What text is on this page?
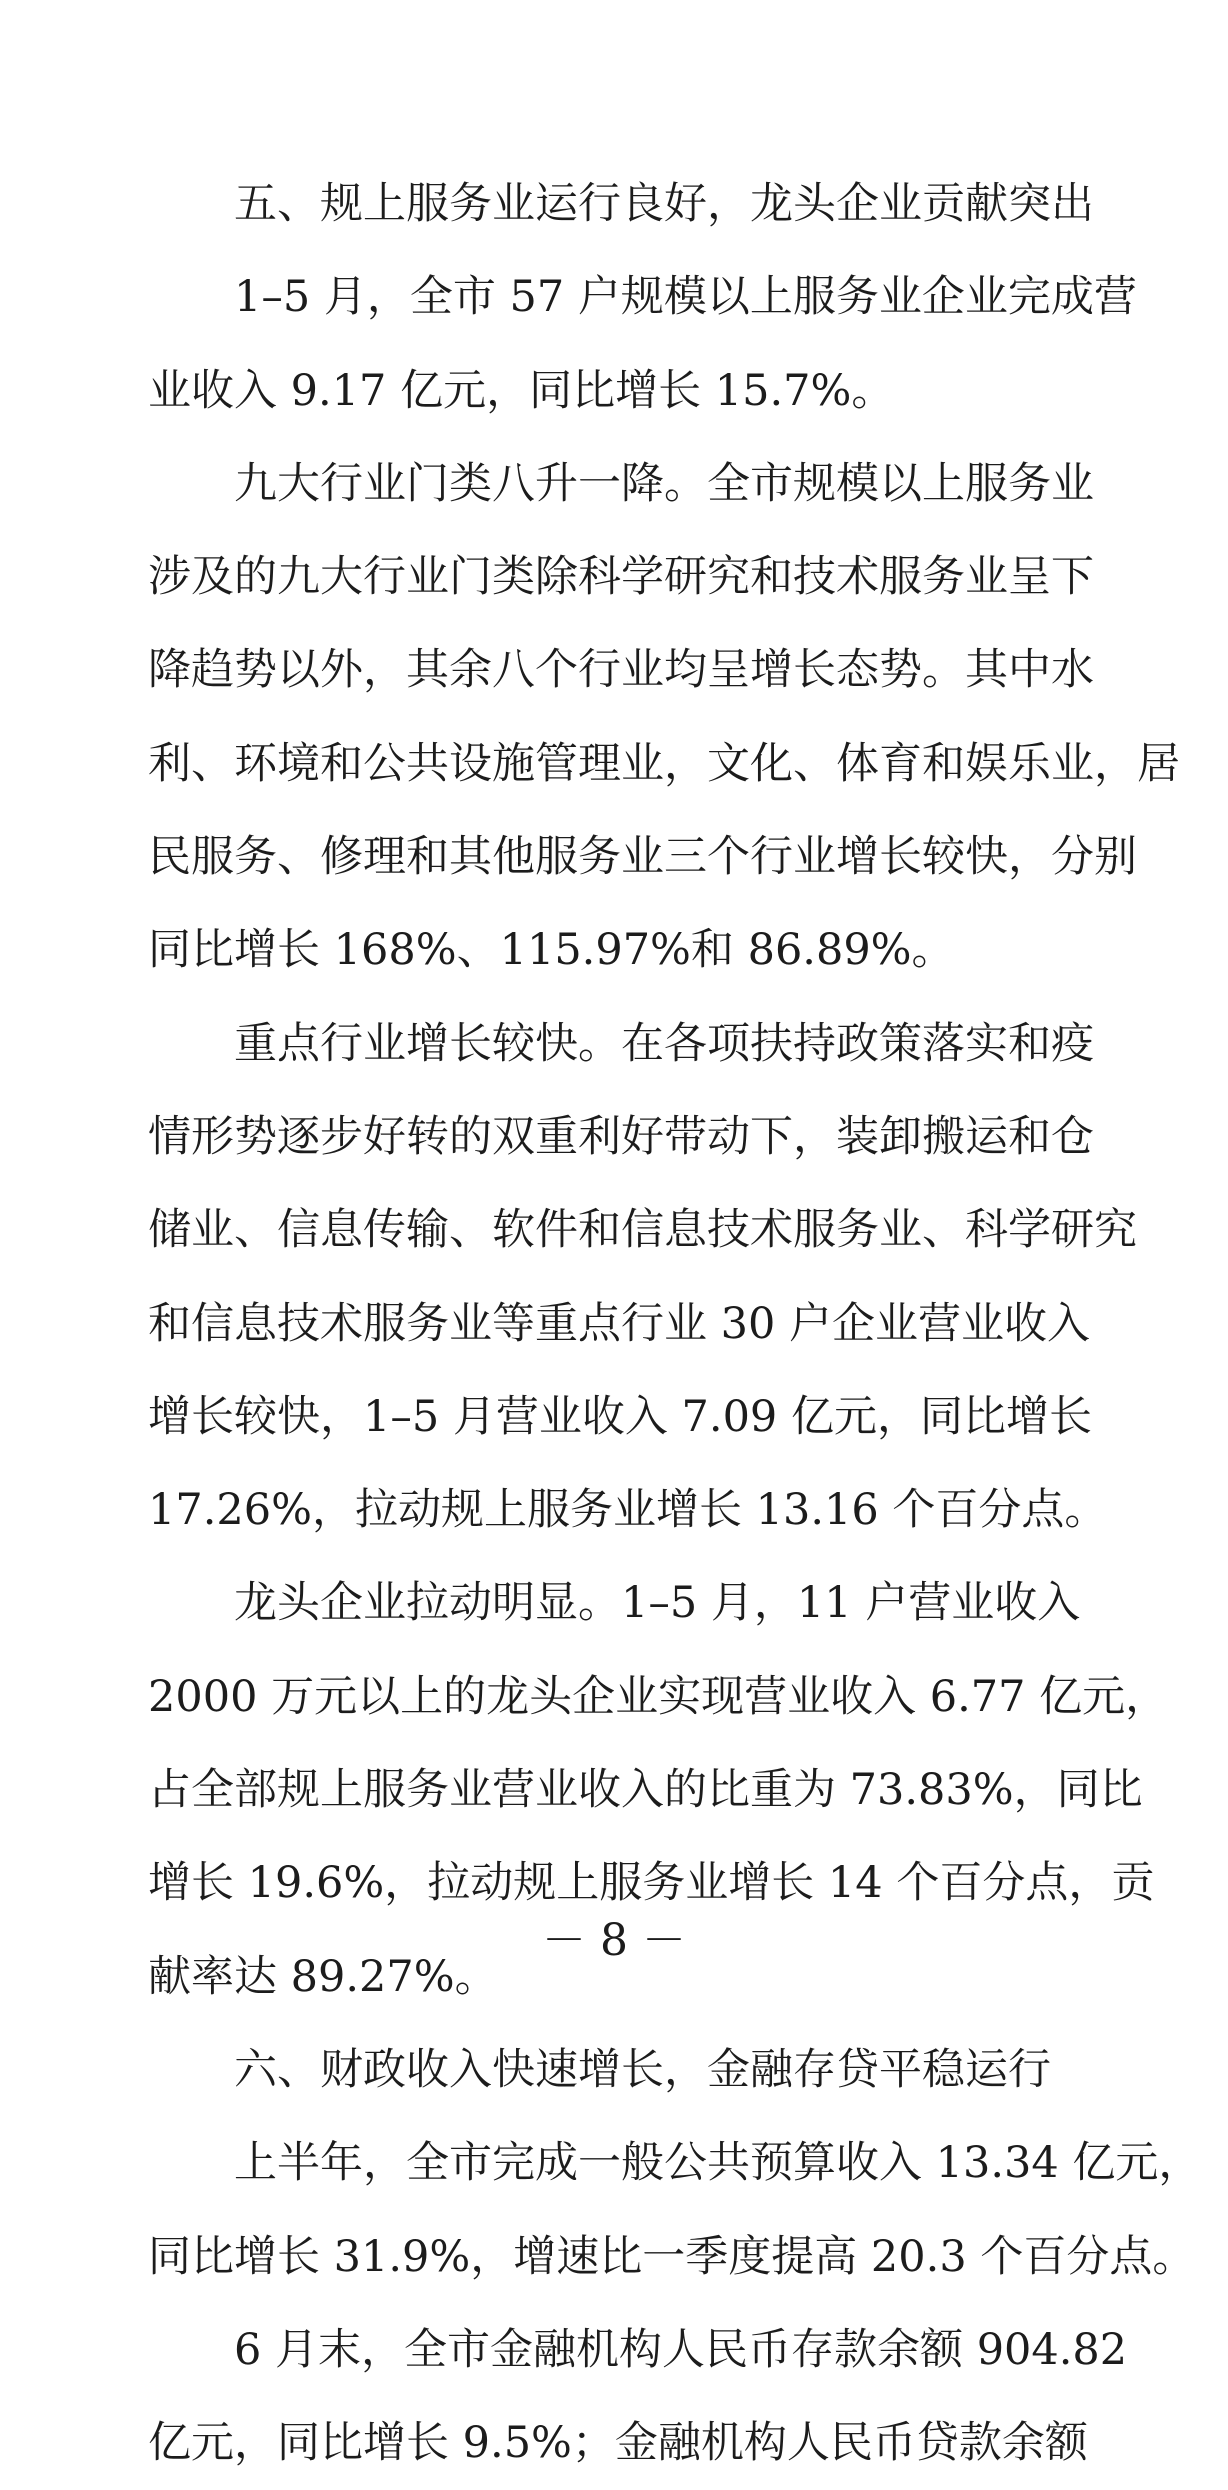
五、规上服务业运行良好，龙头企业贡献突出
1–5 月，全市 57 户规模以上服务业企业完成营
业收入 9.17 亿元，同比增长 15.7%。
九大行业门类八升一降。全市规模以上服务业
涉及的九大行业门类除科学研究和技术服务业呈下
降趋势以外，其余八个行业均呈增长态势。其中水
利、环境和公共设施管理业，文化、体育和娱乐业，居
民服务、修理和其他服务业三个行业增长较快，分别
同比增长 168%、115.97%和 86.89%。
重点行业增长较快。在各项扶持政策落实和疫
情形势逐步好转的双重利好带动下，装卸搬运和仓
储业、信息传输、软件和信息技术服务业、科学研究
和信息技术服务业等重点行业 30 户企业营业收入
增长较快，1–5 月营业收入 7.09 亿元，同比增长
17.26%，拉动规上服务业增长 13.16 个百分点。
龙头企业拉动明显。1–5 月，11 户营业收入
2000 万元以上的龙头企业实现营业收入 6.77 亿元，
占全部规上服务业营业收入的比重为 73.83%，同比
增长 19.6%，拉动规上服务业增长 14 个百分点，贡
献率达 89.27%。
六、财政收入快速增长，金融存贷平稳运行
上半年，全市完成一般公共预算收入 13.34 亿元，
同比增长 31.9%，增速比一季度提高 20.3 个百分点。
6 月末，全市金融机构人民币存款余额 904.82
亿元，同比增长 9.5%；金融机构人民币贷款余额
－ 8 －
